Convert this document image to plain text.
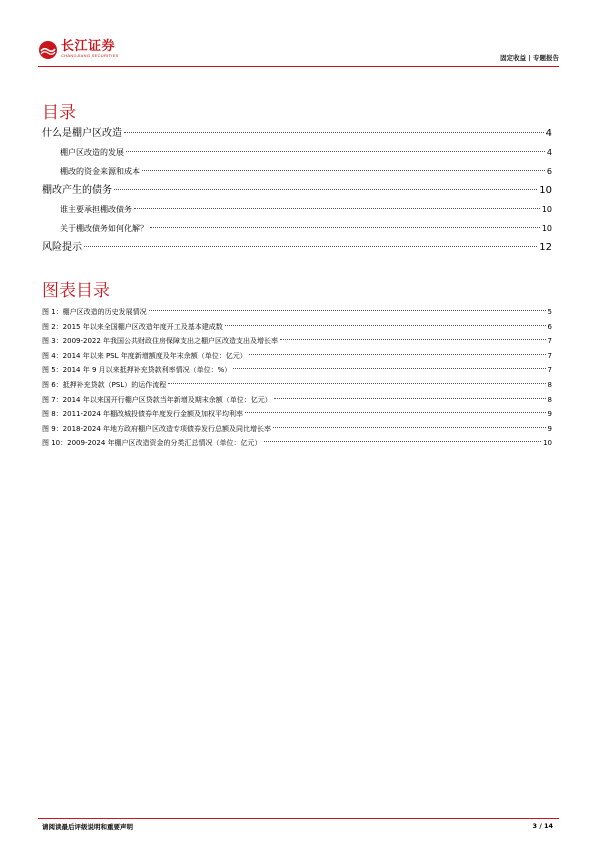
长江证券
CHANGJIANG SECURITIES	固定收益 | 专题报告
目录
什么是棚户区改造	4
棚户区改造的发展	4
棚改的资金来源和成本	6
棚改产生的债务	10
谁主要承担棚改债务	10
关于棚改债务如何化解？	10
风险提示	12
图表目录
图 1：棚户区改造的历史发展情况	5
图 2：2015 年以来全国棚户区改造年度开工及基本建成数	6
图 3：2009-2022 年我国公共财政住房保障支出之棚户区改造支出及增长率	7
图 4：2014 年以来 PSL 年度新增额度及年末余额（单位：亿元）	7
图 5：2014 年 9 月以来抵押补充贷款利率情况（单位：%）	7
图 6：抵押补充贷款（PSL）的运作流程	8
图 7：2014 年以来国开行棚户区贷款当年新增及期末余额（单位：亿元）	8
图 8：2011-2024 年棚改城投债券年度发行金额及加权平均利率	9
图 9：2018-2024 年地方政府棚户区改造专项债券发行总额及同比增长率	9
图 10：2009-2024 年棚户区改造资金的分类汇总情况（单位：亿元）	10
请阅读最后评级说明和重要声明	3 / 14
